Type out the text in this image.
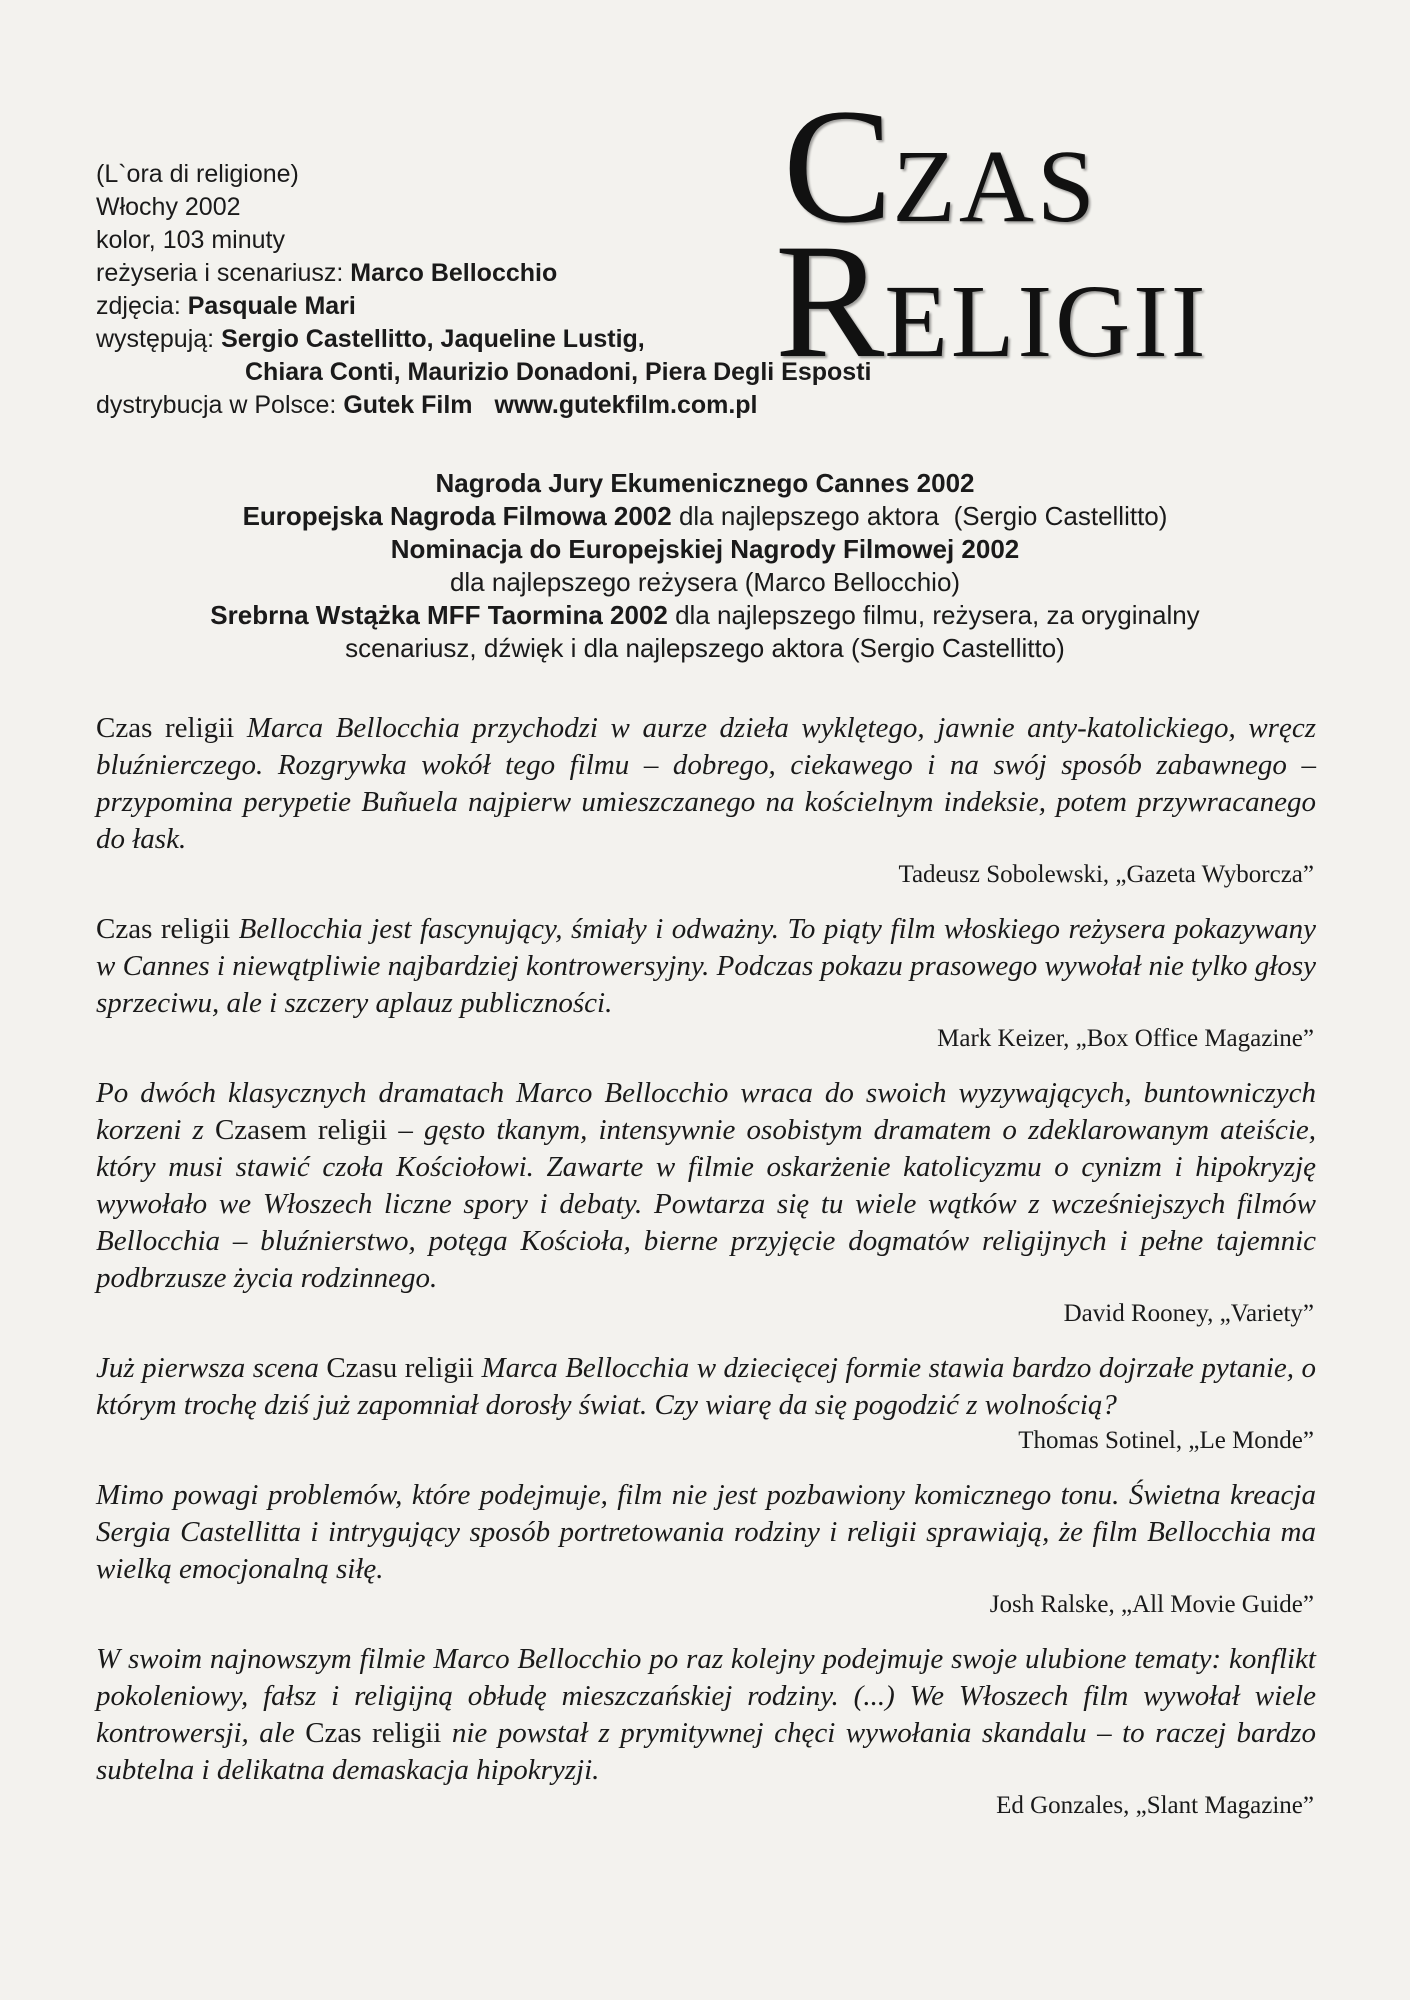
CZAS
RELIGII
(L`ora di religione)
Włochy 2002
kolor, 103 minuty
reżyseria i scenariusz: Marco Bellocchio
zdjęcia: Pasquale Mari
występują: Sergio Castellitto, Jaqueline Lustig,
Chiara Conti, Maurizio Donadoni, Piera Degli Esposti
dystrybucja w Polsce: Gutek Film www.gutekfilm.com.pl
Nagroda Jury Ekumenicznego Cannes 2002
Europejska Nagroda Filmowa 2002 dla najlepszego aktora  (Sergio Castellitto)
Nominacja do Europejskiej Nagrody Filmowej 2002
dla najlepszego reżysera (Marco Bellocchio)
Srebrna Wstążka MFF Taormina 2002 dla najlepszego filmu, reżysera, za oryginalny
scenariusz, dźwięk i dla najlepszego aktora (Sergio Castellitto)

Czas religii Marca Bellocchia przychodzi w aurze dzieła wyklętego, jawnie anty-katolickiego, wręcz bluźnierczego. Rozgrywka wokół tego filmu – dobrego, ciekawego i na swój sposób zabawnego – przypomina perypetie Buñuela najpierw umieszczanego na kościelnym indeksie, potem przywracanego do łask.

Tadeusz Sobolewski, „Gazeta Wyborcza”

Czas religii Bellocchia jest fascynujący, śmiały i odważny. To piąty film włoskiego reżysera pokazywany w Cannes i niewątpliwie najbardziej kontrowersyjny. Podczas pokazu prasowego wywołał nie tylko głosy sprzeciwu, ale i szczery aplauz publiczności.

Mark Keizer, „Box Office Magazine”

Po dwóch klasycznych dramatach Marco Bellocchio wraca do swoich wyzywających, buntowniczych korzeni z Czasem religii – gęsto tkanym, intensywnie osobistym dramatem o zdeklarowanym ateiście, który musi stawić czoła Kościołowi. Zawarte w filmie oskarżenie katolicyzmu o cynizm i hipokryzję wywołało we Włoszech liczne spory i debaty. Powtarza się tu wiele wątków z wcześniejszych filmów Bellocchia – bluźnierstwo, potęga Kościoła, bierne przyjęcie dogmatów religijnych i pełne tajemnic podbrzusze życia rodzinnego.

David Rooney, „Variety”

Już pierwsza scena Czasu religii Marca Bellocchia w dziecięcej formie stawia bardzo dojrzałe pytanie, o którym trochę dziś już zapomniał dorosły świat. Czy wiarę da się pogodzić z wolnością?

Thomas Sotinel, „Le Monde”

Mimo powagi problemów, które podejmuje, film nie jest pozbawiony komicznego tonu. Świetna kreacja Sergia Castellitta i intrygujący sposób portretowania rodziny i religii sprawiają, że film Bellocchia ma wielką emocjonalną siłę.

Josh Ralske, „All Movie Guide”

W swoim najnowszym filmie Marco Bellocchio po raz kolejny podejmuje swoje ulubione tematy: konflikt pokoleniowy, fałsz i religijną obłudę mieszczańskiej rodziny. (...) We Włoszech film wywołał wiele kontrowersji, ale Czas religii nie powstał z prymitywnej chęci wywołania skandalu – to raczej bardzo subtelna i delikatna demaskacja hipokryzji.

Ed Gonzales, „Slant Magazine”
